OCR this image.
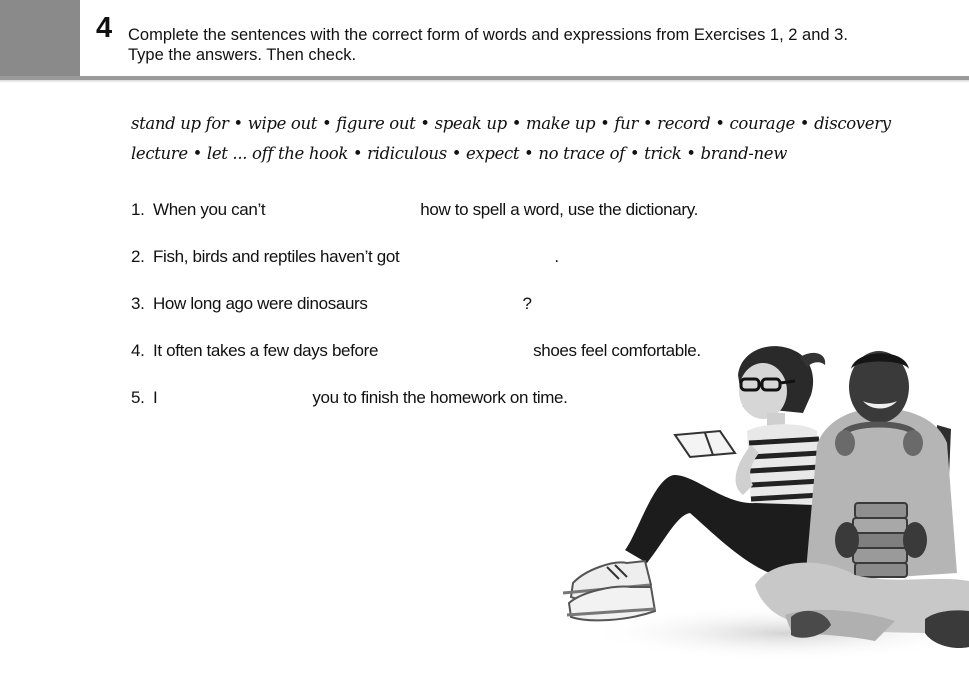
4 Complete the sentences with the correct form of words and expressions from Exercises 1, 2 and 3.
Type the answers. Then check.
stand up for • wipe out • figure out • speak up • make up • fur • record • courage • discovery
lecture • let ... off the hook • ridiculous • expect • no trace of • trick • brand-new
1. When you can’t	how to spell a word, use the dictionary.
2. Fish, birds and reptiles haven’t got	.
3. How long ago were dinosaurs	?
4. It often takes a few days before	shoes feel comfortable.
5. I	you to finish the homework on time.
